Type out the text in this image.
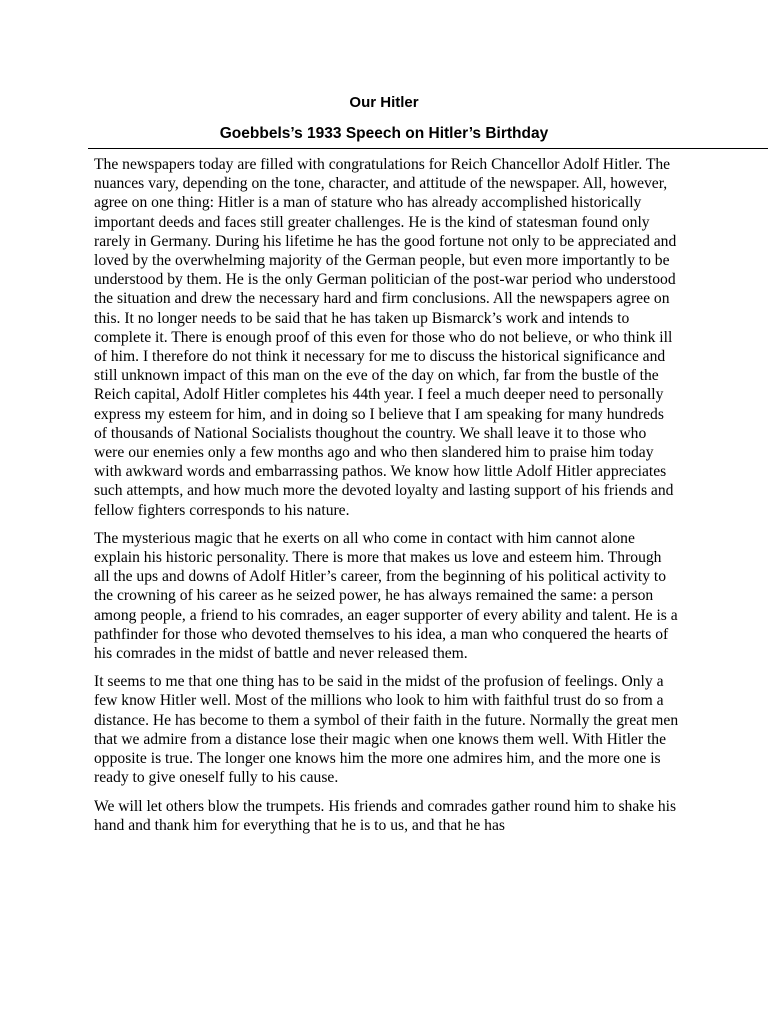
Our Hitler
Goebbels’s 1933 Speech on Hitler’s Birthday

The newspapers today are filled with congratulations for Reich Chancellor Adolf Hitler. The nuances vary, depending on the tone, character, and attitude of the newspaper. All, however, agree on one thing: Hitler is a man of stature who has already accomplished historically important deeds and faces still greater challenges. He is the kind of statesman found only rarely in Germany. During his lifetime he has the good fortune not only to be appreciated and loved by the overwhelming majority of the German people, but even more importantly to be understood by them. He is the only German politician of the post-war period who understood the situation and drew the necessary hard and firm conclusions. All the newspapers agree on this. It no longer needs to be said that he has taken up Bismarck’s work and intends to complete it. There is enough proof of this even for those who do not believe, or who think ill of him. I therefore do not think it necessary for me to discuss the historical significance and still unknown impact of this man on the eve of the day on which, far from the bustle of the Reich capital, Adolf Hitler completes his 44th year. I feel a much deeper need to personally express my esteem for him, and in doing so I believe that I am speaking for many hundreds of thousands of National Socialists thoughout the country. We shall leave it to those who were our enemies only a few months ago and who then slandered him to praise him today with awkward words and embarrassing pathos. We know how little Adolf Hitler appreciates such attempts, and how much more the devoted loyalty and lasting support of his friends and fellow fighters corresponds to his nature.

The mysterious magic that he exerts on all who come in contact with him cannot alone explain his historic personality. There is more that makes us love and esteem him. Through all the ups and downs of Adolf Hitler’s career, from the beginning of his political activity to the crowning of his career as he seized power, he has always remained the same: a person among people, a friend to his comrades, an eager supporter of every ability and talent. He is a pathfinder for those who devoted themselves to his idea, a man who conquered the hearts of his comrades in the midst of battle and never released them.

It seems to me that one thing has to be said in the midst of the profusion of feelings. Only a few know Hitler well. Most of the millions who look to him with faithful trust do so from a distance. He has become to them a symbol of their faith in the future. Normally the great men that we admire from a distance lose their magic when one knows them well. With Hitler the opposite is true. The longer one knows him the more one admires him, and the more one is ready to give oneself fully to his cause.

We will let others blow the trumpets. His friends and comrades gather round him to shake his hand and thank him for everything that he is to us, and that he has
